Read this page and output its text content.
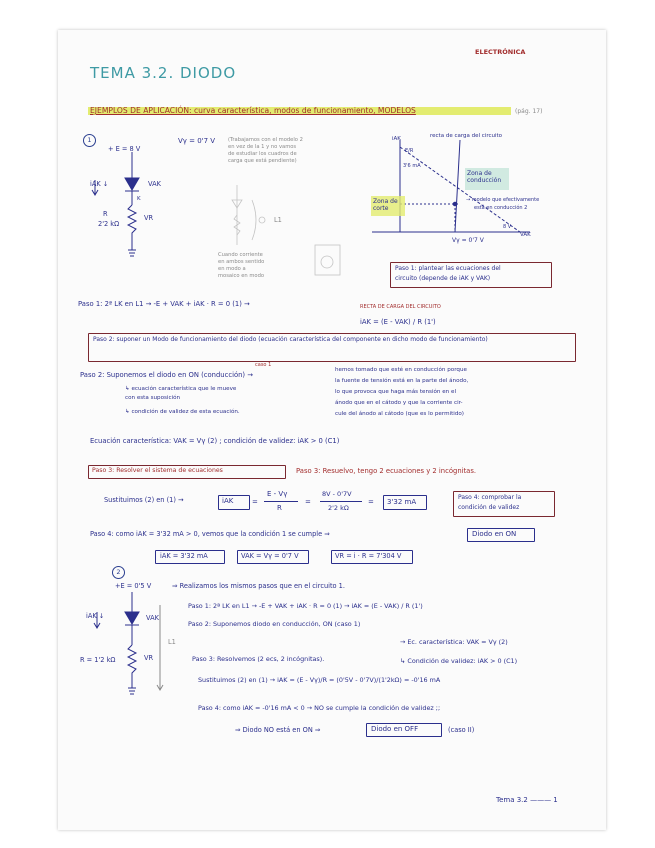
ELECTRÓNICA
TEMA 3.2. DIODO
EJEMPLOS DE APLICACIÓN: curva característica, modos de funcionamiento, MODELOS	(pág. 17)
1
+ E = 8 V
Vγ = 0'7 V (Trabajamos con el modelo 2
en vez de la 1 y no vamos
de estudiar los cuadros de
carga que está pendiente)
iAK ↓	VAK
K
R
2'2 kΩ
VR	L1
Cuando corriente
en ambos sentido
en modo a
mosaico en modo
recta de carga del circuito
iAK
E/R
3'6 mA
8 V
Zona de conducción
Zona de corte
→ modelo que efectivamente
está en conducción 2
VAK
Vγ = 0'7 V
Paso 1: plantear las ecuaciones del
circuito (depende de iAK y VAK)
RECTA DE CARGA DEL CIRCUITO
Paso 1: 2ª LK en L1 → -E + VAK + iAK · R = 0 (1) →
iAK = (E - VAK) / R (1')
Paso 2: suponer un Modo de funcionamiento del diodo (ecuación característica del componente en dicho modo de funcionamiento)
caso 1
Paso 2: Suponemos el diodo en ON (conducción) →
hemos tomado que esté en conducción porque
la fuente de tensión está en la parte del ánodo,
lo que provoca que haga más tensión en el
ánodo que en el cátodo y que la corriente cir-
cule del ánodo al cátodo (que es lo permitido)
↳ ecuación característica que le mueve
con esta suposición
↳ condición de validez de esta ecuación.
Ecuación característica: VAK = Vγ (2) ; condición de validez: iAK > 0 (C1)
Paso 3: Resolver el sistema de ecuaciones	Paso 3: Resuelvo, tengo 2 ecuaciones y 2 incógnitas.
Sustituimos (2) en (1) →	iAK	=
E - Vγ
R
=
8V - 0'7V
2'2 kΩ
= 3'32 mA
Paso 4: comprobar la
condición de validez
Paso 4: como iAK = 3'32 mA > 0, vemos que la condición 1 se cumple ⇒	Diodo en ON
iAK = 3'32 mA	VAK = Vγ = 0'7 V	VR = i · R = 7'304 V
2
+E = 0'5 V	⇒ Realizamos los mismos pasos que en el circuito 1.
iAK ↓	VAK
R = 1'2 kΩ	VR
L1
Paso 1: 2ª LK en L1 → -E + VAK + iAK · R = 0 (1) → iAK = (E - VAK) / R (1')
Paso 2: Suponemos diodo en conducción, ON (caso 1)
→ Ec. característica: VAK = Vγ (2)
↳ Condición de validez: iAK > 0 (C1)
Paso 3: Resolvemos (2 ecs, 2 incógnitas).
Sustituimos (2) en (1) → iAK = (E - Vγ)/R = (0'5V - 0'7V)/(1'2kΩ) = -0'16 mA
Paso 4: como iAK = -0'16 mA < 0 → NO se cumple la condición de validez ;;
⇒ Diodo NO está en ON ⇒	Diodo en OFF	(caso II)
Tema 3.2 ——— 1
